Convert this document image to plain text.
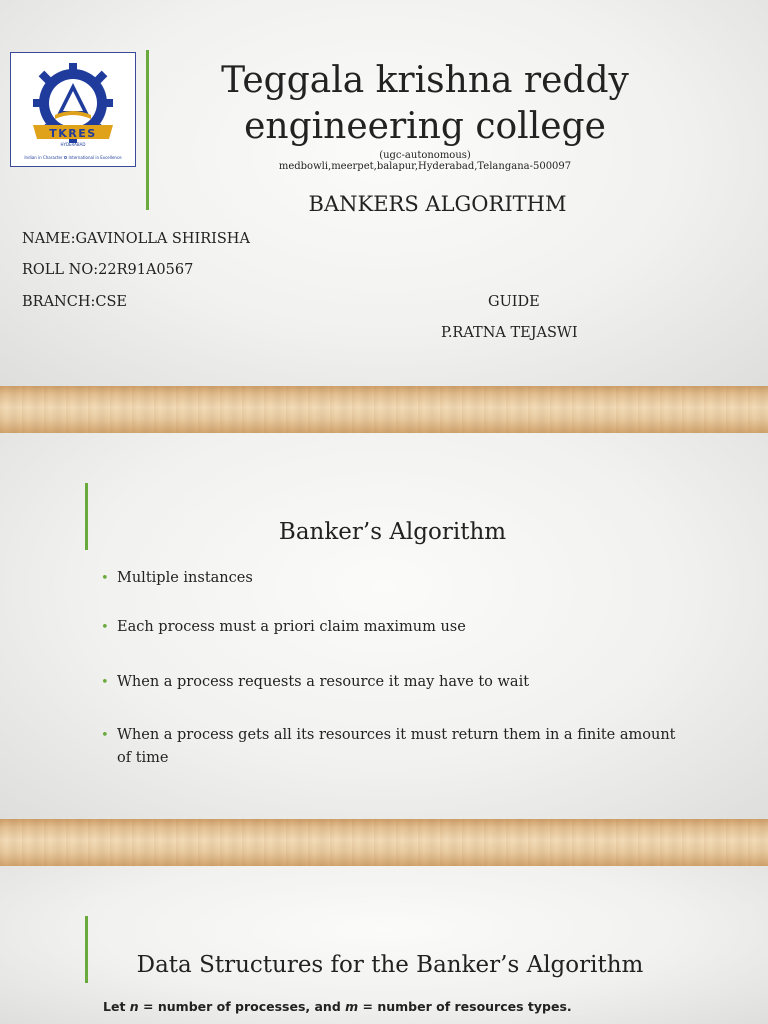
TKRES
HYDERABAD
Indian in Character ✪ International in Excellence
Teggala krishna reddy
engineering college
(ugc-autonomous)
medbowli,meerpet,balapur,Hyderabad,Telangana-500097
BANKERS ALGORITHM
NAME:GAVINOLLA SHIRISHA
ROLL NO:22R91A0567
BRANCH:CSE	GUIDE
P.RATNA TEJASWI
Banker’s Algorithm
• Multiple instances
• Each process must a priori claim maximum use
• When a process requests a resource it may have to wait
• When a process gets all its resources it must return them in a finite amount of time
Data Structures for the Banker’s Algorithm
Let n = number of processes, and m = number of resources types.
